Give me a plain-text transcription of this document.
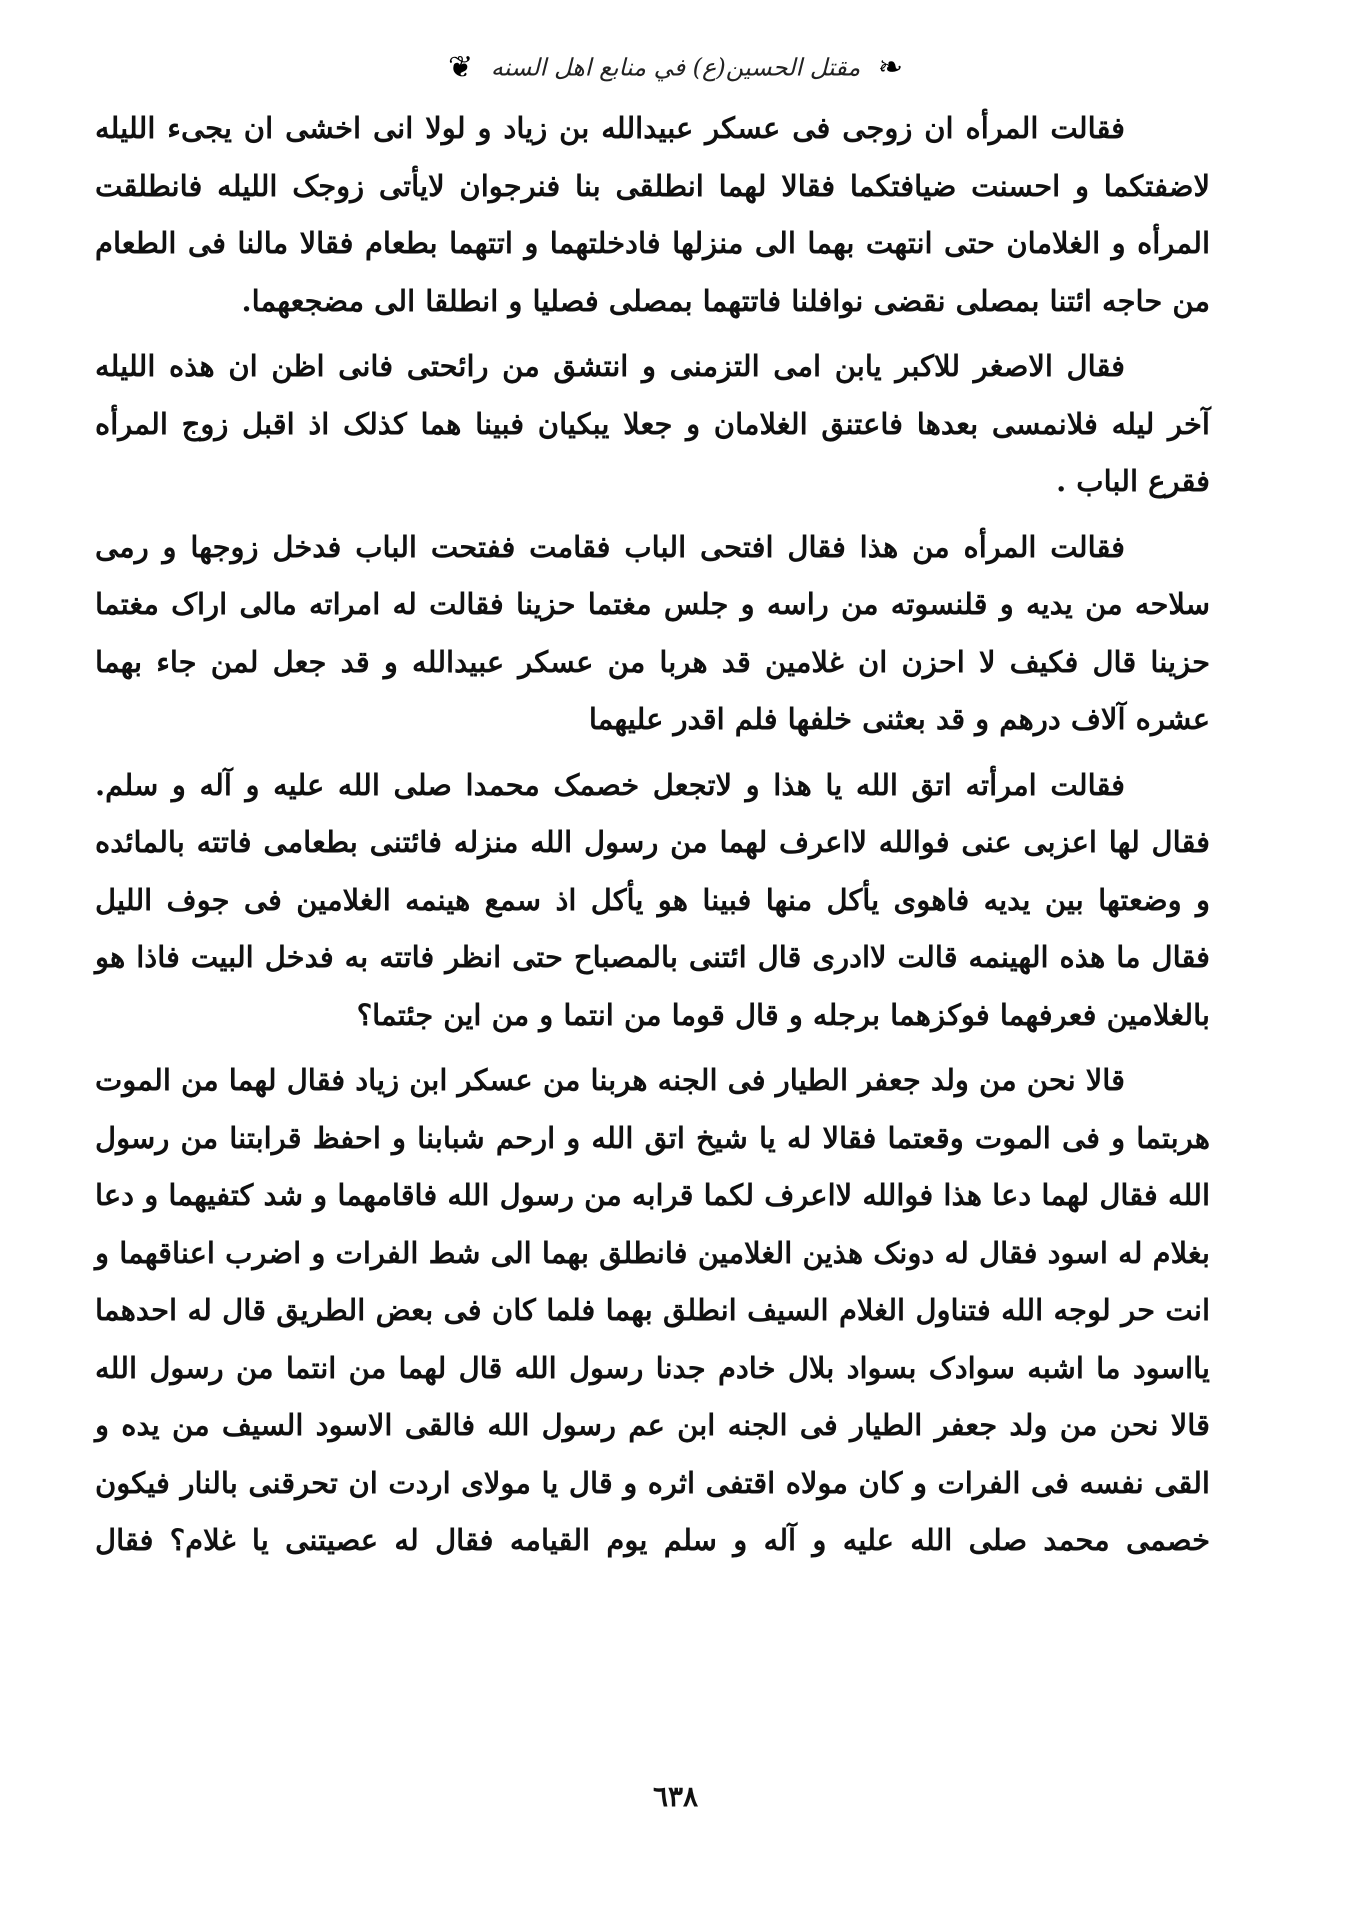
❧ مقتل الحسين(ع) في منابع اهل السنه ❦

فقالت المرأه ان زوجى فى عسكر عبيدالله بن زياد و لولا انى اخشى ان يجىء الليله لاضفتكما و احسنت ضيافتكما فقالا لهما انطلقى بنا فنرجوان لايأتى زوجک الليله فانطلقت المرأه و الغلامان حتى انتهت بهما الى منزلها فادخلتهما و اتتهما بطعام فقالا مالنا فى الطعام من حاجه ائتنا بمصلى نقضى نوافلنا فاتتهما بمصلى فصليا و انطلقا الى مضجعهما.

فقال الاصغر للاكبر يابن امى التزمنى و انتشق من رائحتى فانى اظن ان هذه الليله آخر ليله فلانمسى بعدها فاعتنق الغلامان و جعلا يبكيان فبينا هما كذلک اذ اقبل زوج المرأه فقرع الباب .

فقالت المرأه من هذا فقال افتحى الباب فقامت ففتحت الباب فدخل زوجها و رمى سلاحه من يديه و قلنسوته من راسه و جلس مغتما حزينا فقالت له امراته مالى اراک مغتما حزينا قال فكيف لا احزن ان غلامين قد هربا من عسكر عبيدالله و قد جعل لمن جاء بهما عشره آلاف درهم و قد بعثنى خلفها فلم اقدر عليهما

فقالت امرأته اتق الله يا هذا و لاتجعل خصمک محمدا صلى الله عليه و آله و سلم. فقال لها اعزبى عنى فوالله لااعرف لهما من رسول الله منزله فائتنى بطعامى فاتته بالمائده و وضعتها بين يديه فاهوى يأكل منها فبينا هو يأكل اذ سمع هينمه الغلامين فى جوف الليل فقال ما هذه الهينمه قالت لاادرى قال ائتنى بالمصباح حتى انظر فاتته به فدخل البيت فاذا هو بالغلامين فعرفهما فوكزهما برجله و قال قوما من انتما و من اين جئتما؟

قالا نحن من ولد جعفر الطيار فى الجنه هربنا من عسكر ابن زياد فقال لهما من الموت هربتما و فى الموت وقعتما فقالا له يا شيخ اتق الله و ارحم شبابنا و احفظ قرابتنا من رسول الله فقال لهما دعا هذا فوالله لااعرف لكما قرابه من رسول الله فاقامهما و شد كتفيهما و دعا بغلام له اسود فقال له دونک هذين الغلامين فانطلق بهما الى شط الفرات و اضرب اعناقهما و انت حر لوجه الله فتناول الغلام السيف انطلق بهما فلما كان فى بعض الطريق قال له احدهما يااسود ما اشبه سوادک بسواد بلال خادم جدنا رسول الله قال لهما من انتما من رسول الله قالا نحن من ولد جعفر الطيار فى الجنه ابن عم رسول الله فالقى الاسود السيف من يده و القى نفسه فى الفرات و كان مولاه اقتفى اثره و قال يا مولاى اردت ان تحرقنى بالنار فيكون خصمى محمد صلى الله عليه و آله و سلم يوم القيامه فقال له عصيتنى يا غلام؟ فقال

٦٣٨
